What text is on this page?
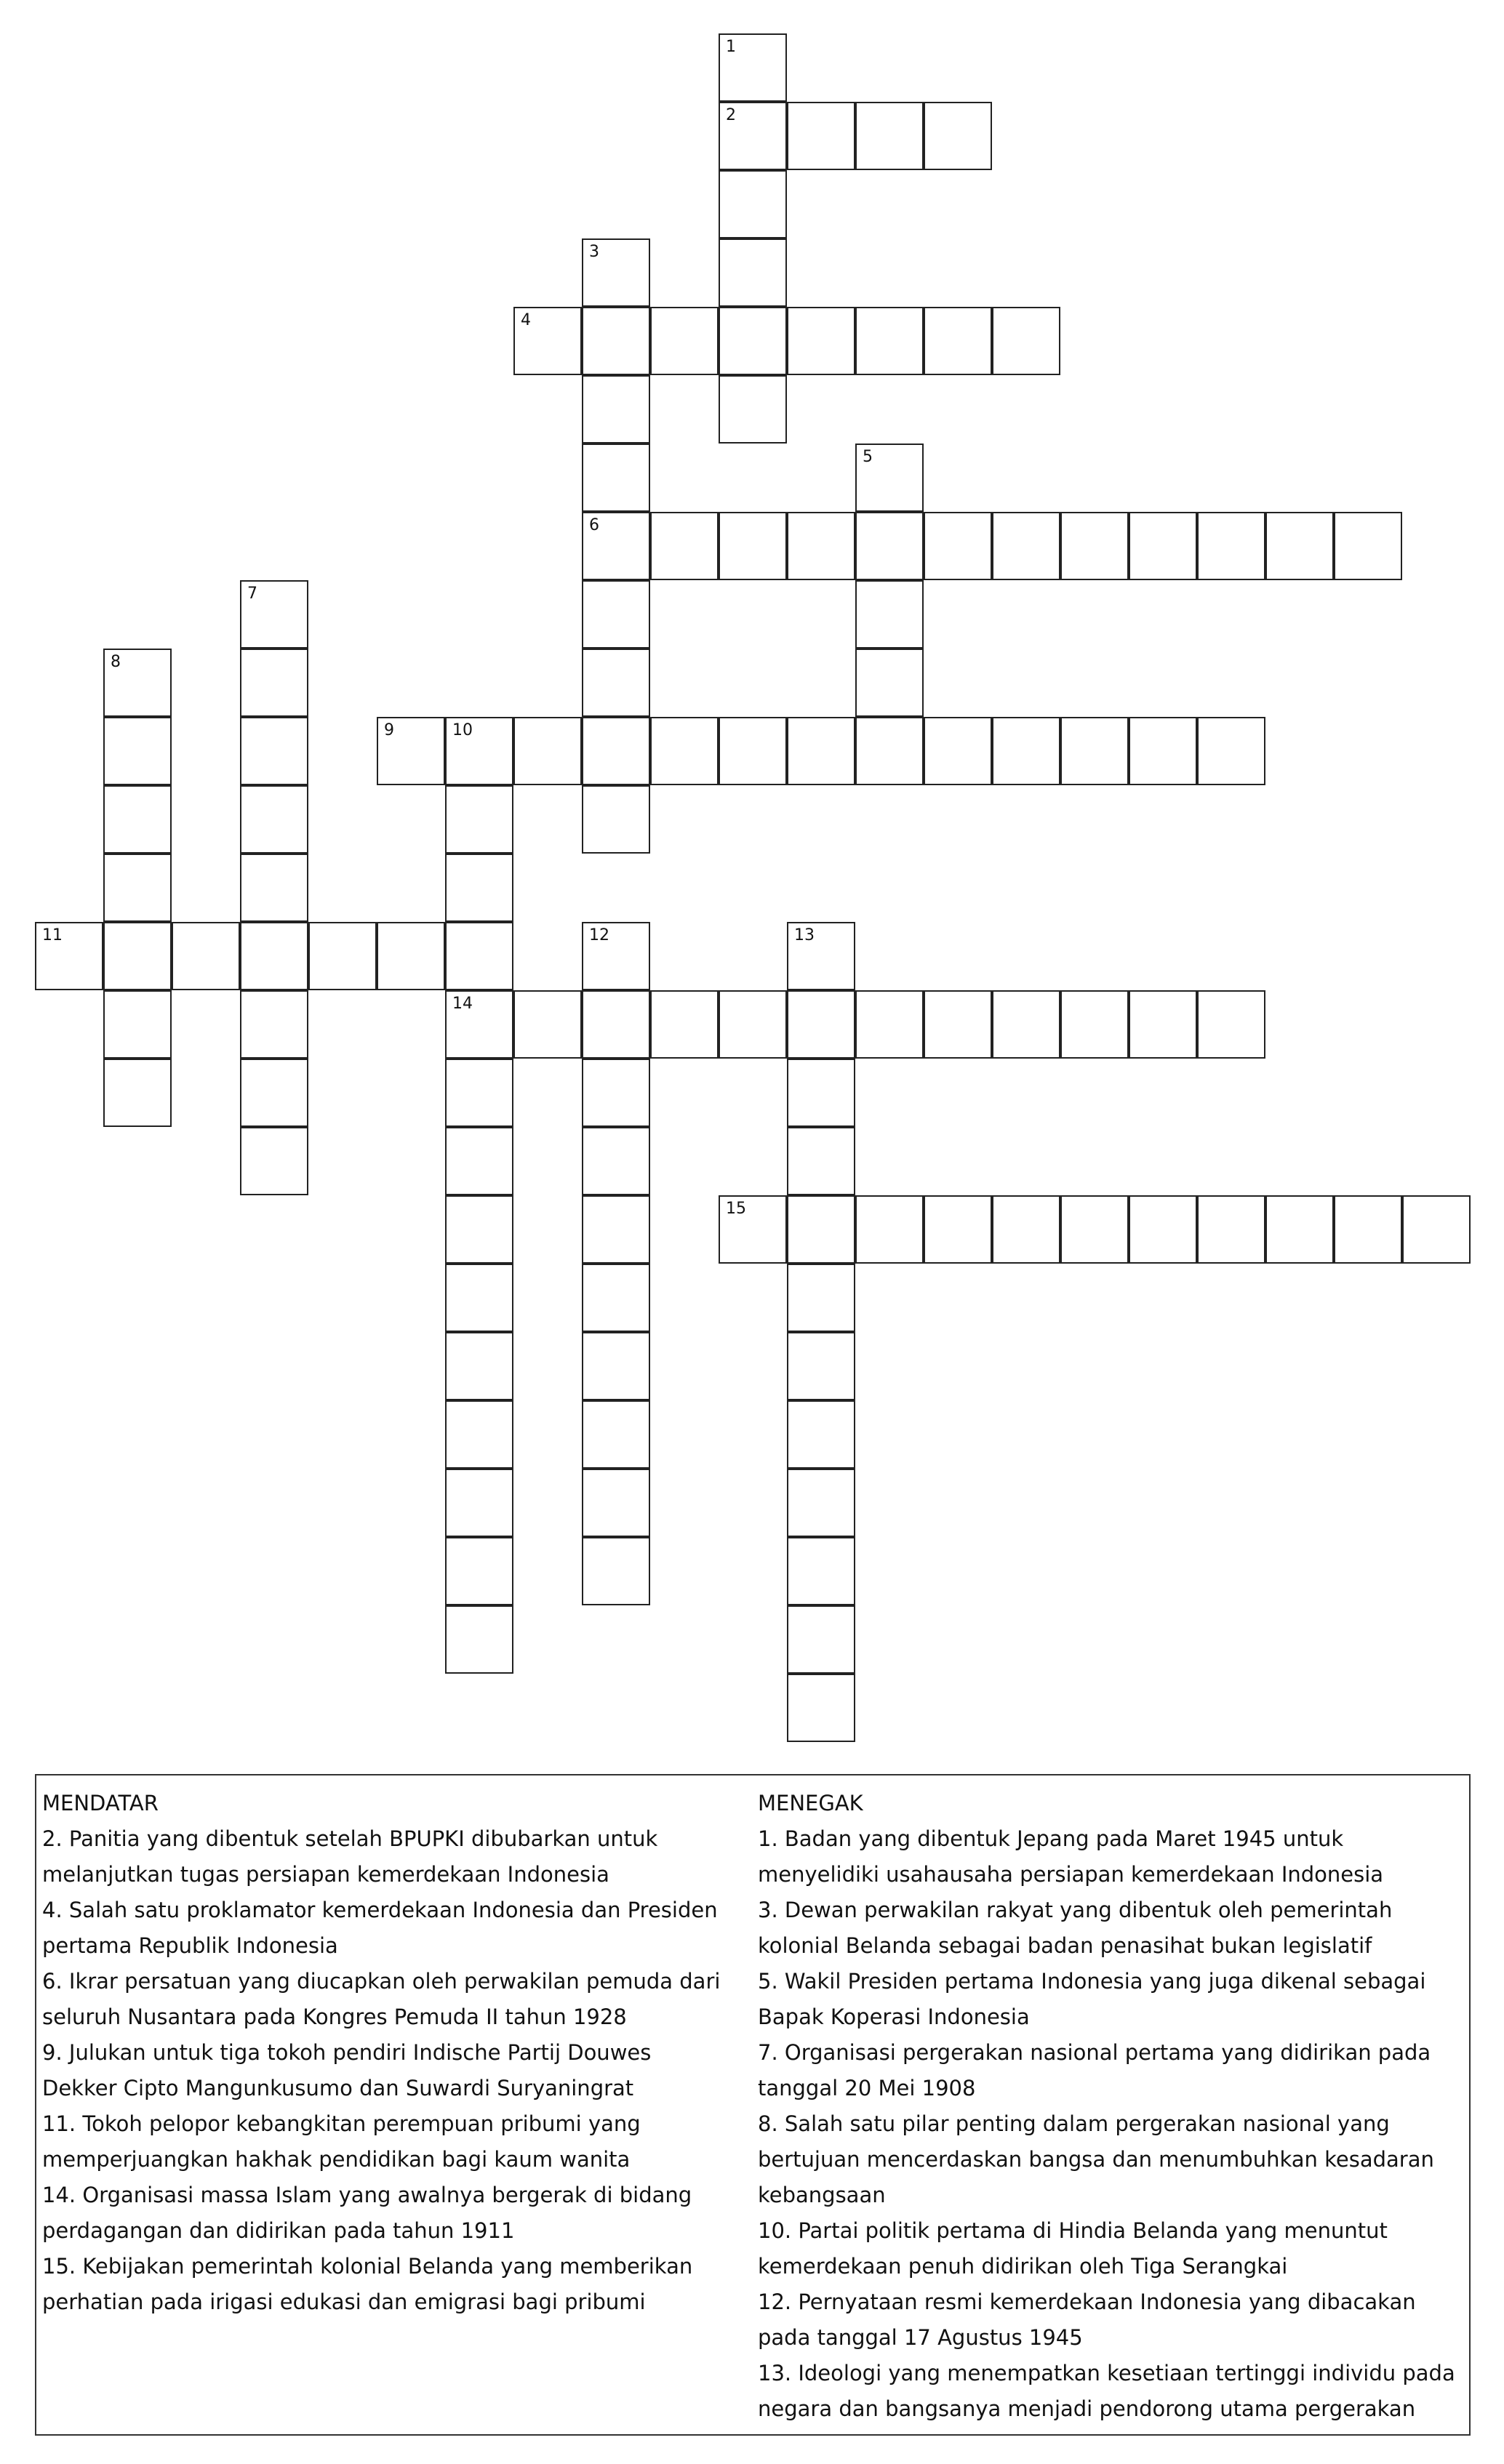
1
2
3
4
5
6
7
8
9	10
11	12	13
14
15
MENDATAR
2. Panitia yang dibentuk setelah BPUPKI dibubarkan untuk melanjutkan tugas persiapan kemerdekaan Indonesia
4. Salah satu proklamator kemerdekaan Indonesia dan Presiden pertama Republik Indonesia
6. Ikrar persatuan yang diucapkan oleh perwakilan pemuda dari seluruh Nusantara pada Kongres Pemuda II tahun 1928
9. Julukan untuk tiga tokoh pendiri Indische Partij Douwes Dekker Cipto Mangunkusumo dan Suwardi Suryaningrat
11. Tokoh pelopor kebangkitan perempuan pribumi yang memperjuangkan hakhak pendidikan bagi kaum wanita
14. Organisasi massa Islam yang awalnya bergerak di bidang perdagangan dan didirikan pada tahun 1911
15. Kebijakan pemerintah kolonial Belanda yang memberikan perhatian pada irigasi edukasi dan emigrasi bagi pribumi
MENEGAK
1. Badan yang dibentuk Jepang pada Maret 1945 untuk menyelidiki usahausaha persiapan kemerdekaan Indonesia
3. Dewan perwakilan rakyat yang dibentuk oleh pemerintah kolonial Belanda sebagai badan penasihat bukan legislatif
5. Wakil Presiden pertama Indonesia yang juga dikenal sebagai Bapak Koperasi Indonesia
7. Organisasi pergerakan nasional pertama yang didirikan pada tanggal 20 Mei 1908
8. Salah satu pilar penting dalam pergerakan nasional yang bertujuan mencerdaskan bangsa dan menumbuhkan kesadaran kebangsaan
10. Partai politik pertama di Hindia Belanda yang menuntut kemerdekaan penuh didirikan oleh Tiga Serangkai
12. Pernyataan resmi kemerdekaan Indonesia yang dibacakan pada tanggal 17 Agustus 1945
13. Ideologi yang menempatkan kesetiaan tertinggi individu pada negara dan bangsanya menjadi pendorong utama pergerakan
